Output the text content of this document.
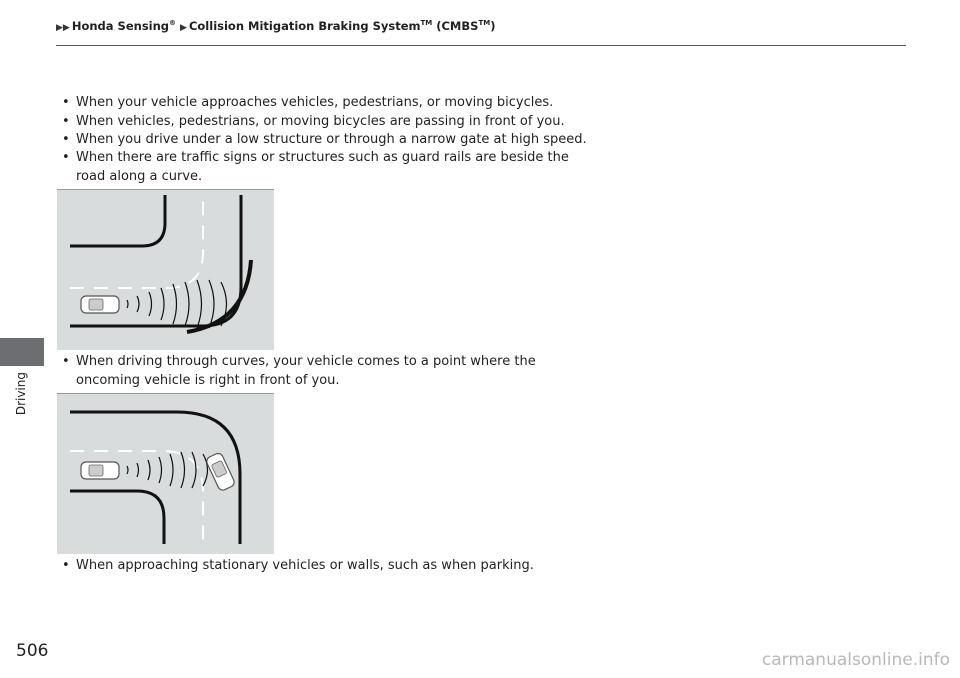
▶▶ Honda Sensing® ▶ Collision Mitigation Braking System™ (CMBS™)
Driving
• When your vehicle approaches vehicles, pedestrians, or moving bicycles.
• When vehicles, pedestrians, or moving bicycles are passing in front of you.
• When you drive under a low structure or through a narrow gate at high speed.
• When there are traffic signs or structures such as guard rails are beside the road along a curve.
• When driving through curves, your vehicle comes to a point where the oncoming vehicle is right in front of you.
• When approaching stationary vehicles or walls, such as when parking.
506	carmanualsonline.info
